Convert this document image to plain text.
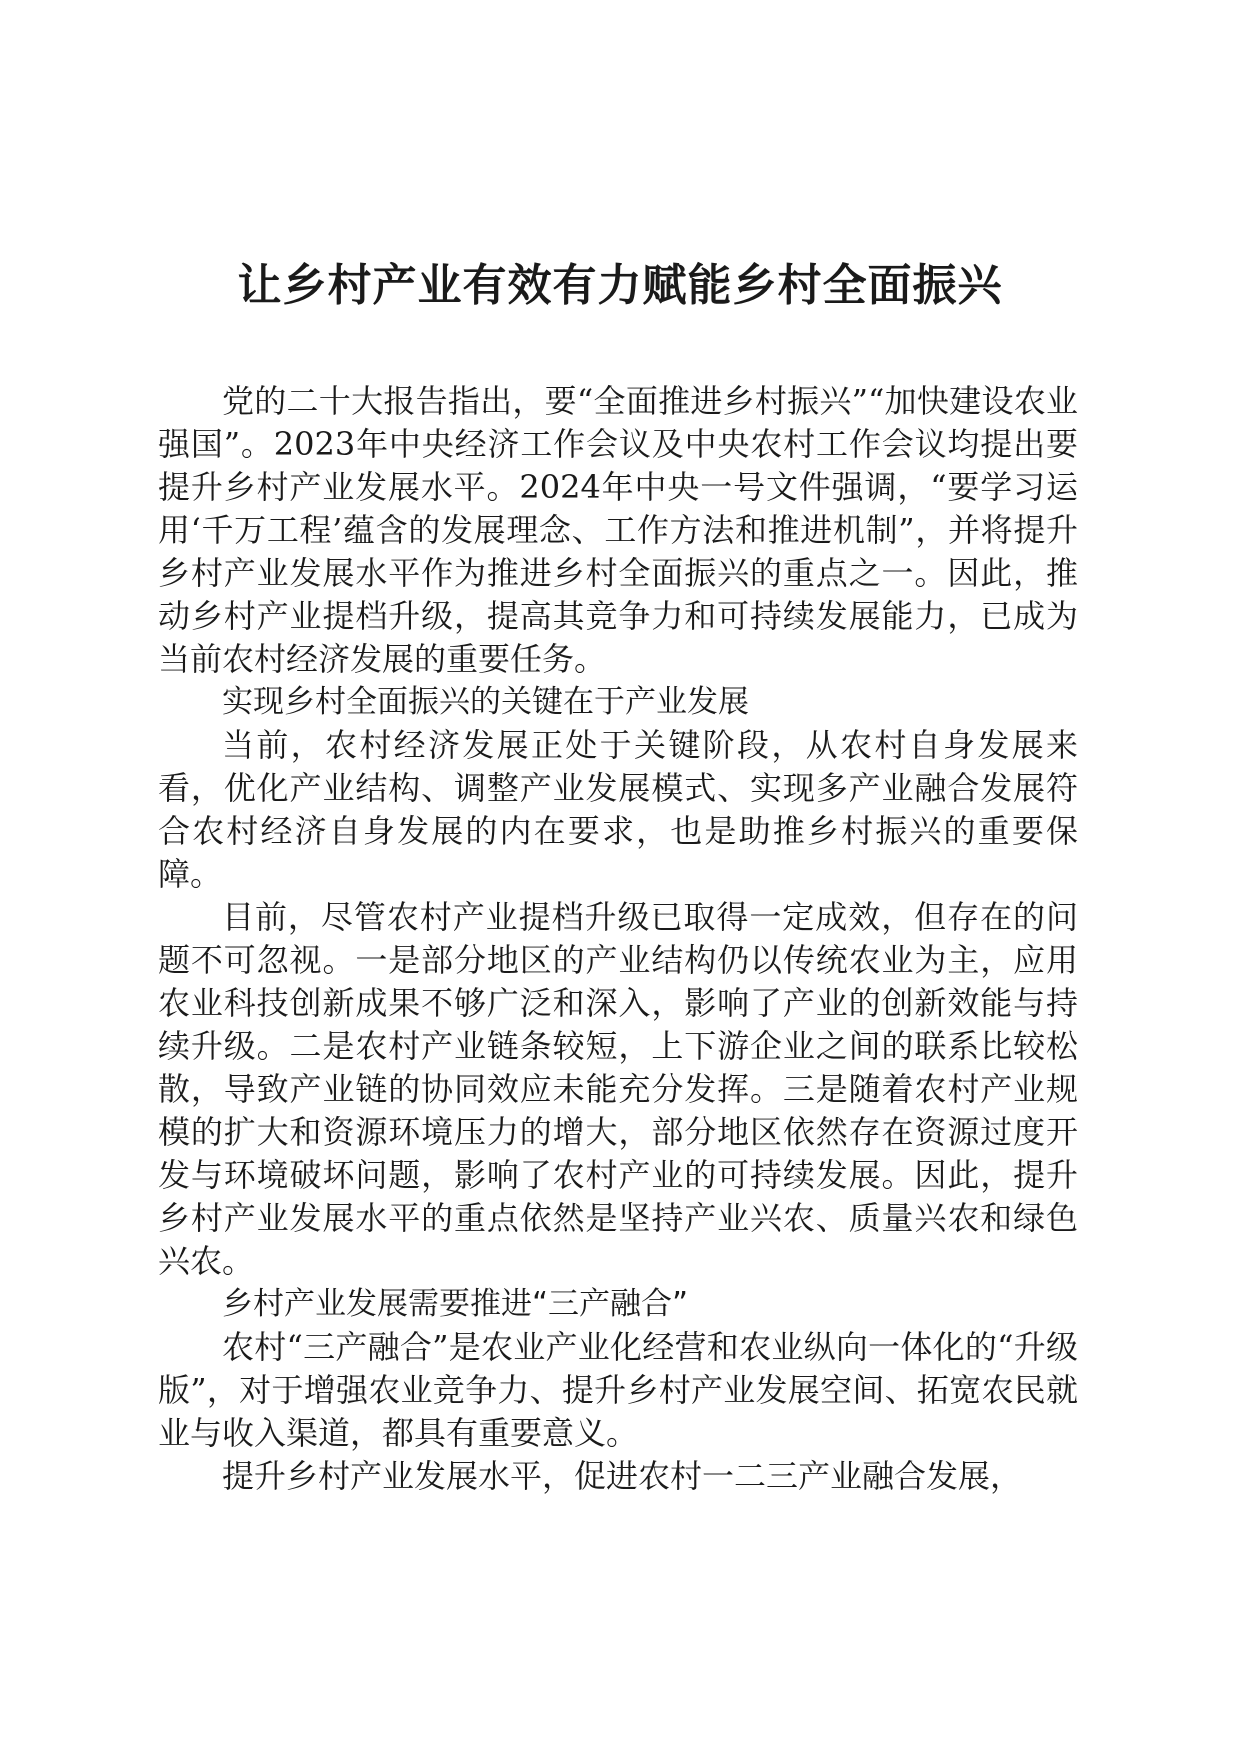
让乡村产业有效有力赋能乡村全面振兴

党的二十大报告指出，要“全面推进乡村振兴”“加快建设农业强国”。2023年中央经济工作会议及中央农村工作会议均提出要提升乡村产业发展水平。2024年中央一号文件强调，“要学习运用‘千万工程’蕴含的发展理念、工作方法和推进机制”，并将提升乡村产业发展水平作为推进乡村全面振兴的重点之一。因此，推动乡村产业提档升级，提高其竞争力和可持续发展能力，已成为当前农村经济发展的重要任务。

实现乡村全面振兴的关键在于产业发展

当前，农村经济发展正处于关键阶段，从农村自身发展来看，优化产业结构、调整产业发展模式、实现多产业融合发展符合农村经济自身发展的内在要求，也是助推乡村振兴的重要保障。

目前，尽管农村产业提档升级已取得一定成效，但存在的问题不可忽视。一是部分地区的产业结构仍以传统农业为主，应用农业科技创新成果不够广泛和深入，影响了产业的创新效能与持续升级。二是农村产业链条较短，上下游企业之间的联系比较松散，导致产业链的协同效应未能充分发挥。三是随着农村产业规模的扩大和资源环境压力的增大，部分地区依然存在资源过度开发与环境破坏问题，影响了农村产业的可持续发展。因此，提升乡村产业发展水平的重点依然是坚持产业兴农、质量兴农和绿色兴农。

乡村产业发展需要推进“三产融合”

农村“三产融合”是农业产业化经营和农业纵向一体化的“升级版”，对于增强农业竞争力、提升乡村产业发展空间、拓宽农民就业与收入渠道，都具有重要意义。

提升乡村产业发展水平，促进农村一二三产业融合发展，
